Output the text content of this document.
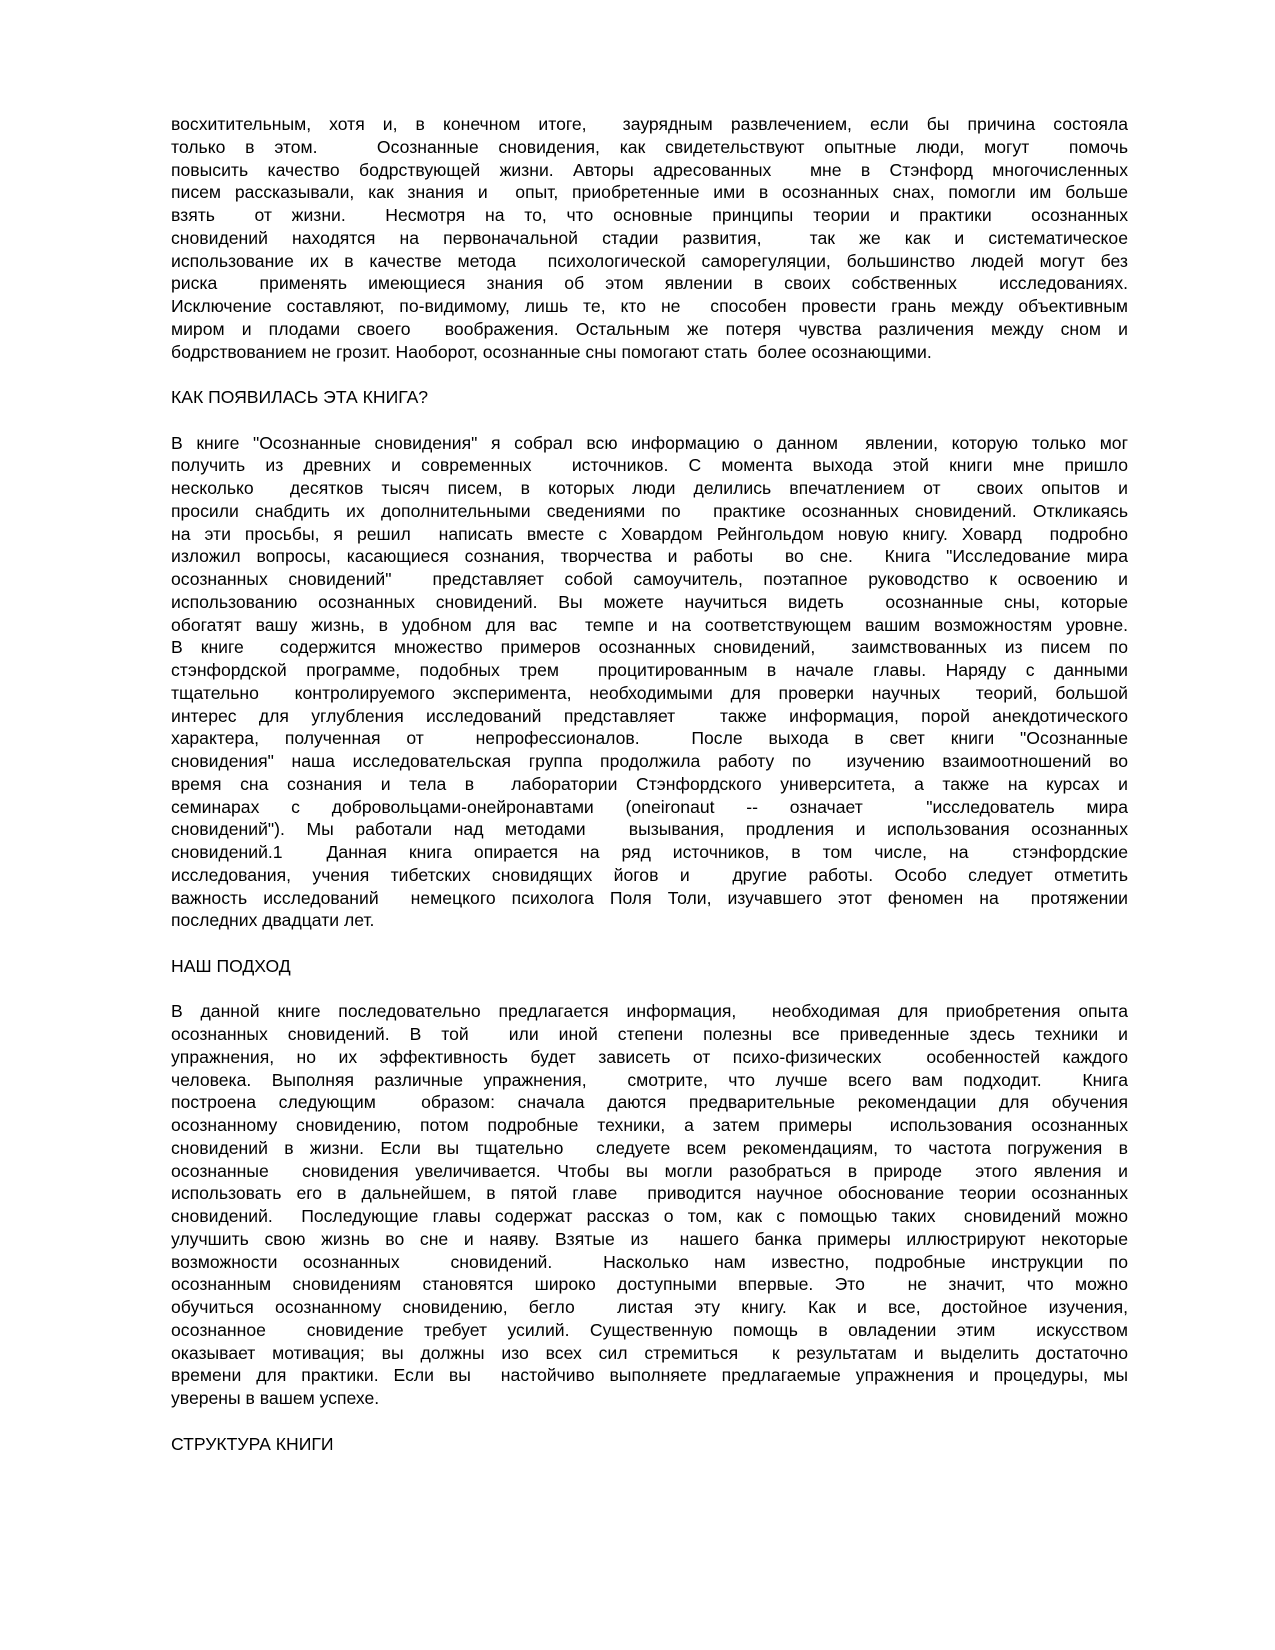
восхитительным, хотя и, в конечном итоге,  заурядным развлечением, если бы причина состояла
только в этом.   Осознанные сновидения, как свидетельствуют опытные люди, могут  помочь
повысить качество бодрствующей жизни. Авторы адресованных  мне в Стэнфорд многочисленных
писем рассказывали, как знания и  опыт, приобретенные ими в осознанных снах, помогли им больше
взять  от жизни.  Несмотря на то, что основные принципы теории и практики  осознанных
сновидений находятся на первоначальной стадии развития,  так же как и систематическое
использование их в качестве метода  психологической саморегуляции, большинство людей могут без
риска  применять имеющиеся знания об этом явлении в своих собственных  исследованиях.
Исключение составляют, по-видимому, лишь те, кто не  способен провести грань между объективным
миром и плодами своего  воображения. Остальным же потеря чувства различения между сном и
бодрствованием не грозит. Наоборот, осознанные сны помогают стать  более осознающими.
КАК ПОЯВИЛАСЬ ЭТА КНИГА?
В книге "Осознанные сновидения" я собрал всю информацию о данном  явлении, которую только мог
получить из древних и современных  источников. С момента выхода этой книги мне пришло
несколько  десятков тысяч писем, в которых люди делились впечатлением от  своих опытов и
просили снабдить их дополнительными сведениями по  практике осознанных сновидений. Откликаясь
на эти просьбы, я решил  написать вместе с Ховардом Рейнгольдом новую книгу. Ховард  подробно
изложил вопросы, касающиеся сознания, творчества и работы  во сне.  Книга "Исследование мира
осознанных сновидений"  представляет собой самоучитель, поэтапное руководство к освоению и
использованию осознанных сновидений. Вы можете научиться видеть  осознанные сны, которые
обогатят вашу жизнь, в удобном для вас  темпе и на соответствующем вашим возможностям уровне.
В книге  содержится множество примеров осознанных сновидений,  заимствованных из писем по
стэнфордской программе, подобных трем  процитированным в начале главы. Наряду с данными
тщательно  контролируемого эксперимента, необходимыми для проверки научных  теорий, большой
интерес для углубления исследований представляет  также информация, порой анекдотического
характера, полученная от  непрофессионалов.  После выхода в свет книги "Осознанные
сновидения" наша исследовательская группа продолжила работу по  изучению взаимоотношений во
время сна сознания и тела в  лаборатории Стэнфордского университета, а также на курсах и
семинарах с добровольцами-онейронавтами (oneironaut -- означает  "исследователь мира
сновидений"). Мы работали над методами  вызывания, продления и использования осознанных
сновидений.1  Данная книга опирается на ряд источников, в том числе, на  стэнфордские
исследования, учения тибетских сновидящих йогов и  другие работы. Особо следует отметить
важность исследований  немецкого психолога Поля Толи, изучавшего этот феномен на  протяжении
последних двадцати лет.
НАШ ПОДХОД
В данной книге последовательно предлагается информация,  необходимая для приобретения опыта
осознанных сновидений. В той  или иной степени полезны все приведенные здесь техники и
упражнения, но их эффективность будет зависеть от психо-физических  особенностей каждого
человека. Выполняя различные упражнения,  смотрите, что лучше всего вам подходит.  Книга
построена следующим  образом: сначала даются предварительные рекомендации для обучения
осознанному сновидению, потом подробные техники, а затем примеры  использования осознанных
сновидений в жизни. Если вы тщательно  следуете всем рекомендациям, то частота погружения в
осознанные  сновидения увеличивается. Чтобы вы могли разобраться в природе  этого явления и
использовать его в дальнейшем, в пятой главе  приводится научное обоснование теории осознанных
сновидений.  Последующие главы содержат рассказ о том, как с помощью таких  сновидений можно
улучшить свою жизнь во сне и наяву. Взятые из  нашего банка примеры иллюстрируют некоторые
возможности осознанных  сновидений.  Насколько нам известно, подробные инструкции по
осознанным сновидениям становятся широко доступными впервые. Это  не значит, что можно
обучиться осознанному сновидению, бегло  листая эту книгу. Как и все, достойное изучения,
осознанное  сновидение требует усилий. Существенную помощь в овладении этим  искусством
оказывает мотивация; вы должны изо всех сил стремиться  к результатам и выделить достаточно
времени для практики. Если вы  настойчиво выполняете предлагаемые упражнения и процедуры, мы
уверены в вашем успехе.
СТРУКТУРА КНИГИ
